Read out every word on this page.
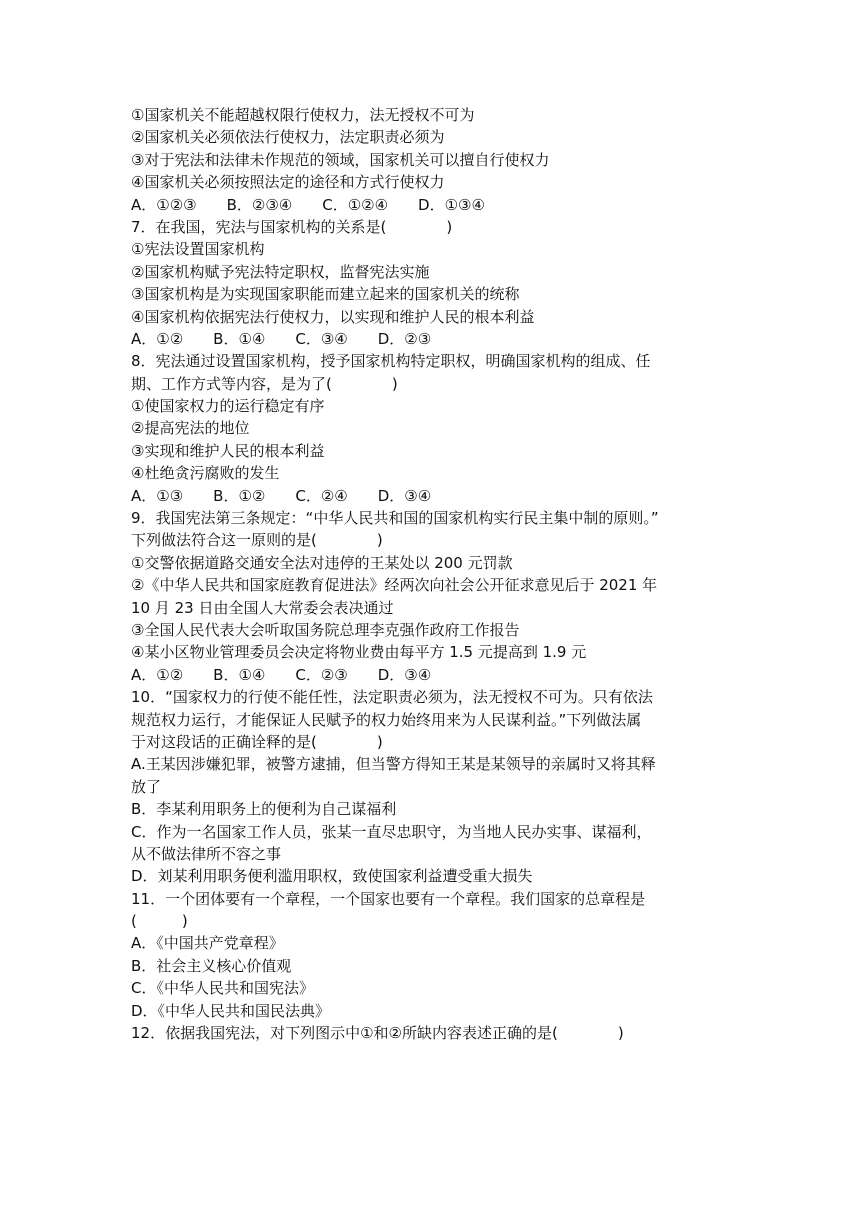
①国家机关不能超越权限行使权力，法无授权不可为
②国家机关必须依法行使权力，法定职责必须为
③对于宪法和法律未作规范的领域，国家机关可以擅自行使权力
④国家机关必须按照法定的途径和方式行使权力
A．①②③　　B．②③④　　C．①②④　　D．①③④
7．在我国，宪法与国家机构的关系是(　　　　)
①宪法设置国家机构
②国家机构赋予宪法特定职权，监督宪法实施
③国家机构是为实现国家职能而建立起来的国家机关的统称
④国家机构依据宪法行使权力，以实现和维护人民的根本利益
A．①②　　B．①④　　C．③④　　D．②③
8．宪法通过设置国家机构，授予国家机构特定职权，明确国家机构的组成、任
期、工作方式等内容，是为了(　　　　)
①使国家权力的运行稳定有序
②提高宪法的地位
③实现和维护人民的根本利益
④杜绝贪污腐败的发生
A．①③　　B．①②　　C．②④　　D．③④
9．我国宪法第三条规定：“中华人民共和国的国家机构实行民主集中制的原则。”
下列做法符合这一原则的是(　　　　)
①交警依据道路交通安全法对违停的王某处以 200 元罚款
②《中华人民共和国家庭教育促进法》经两次向社会公开征求意见后于 2021 年
10 月 23 日由全国人大常委会表决通过
③全国人民代表大会听取国务院总理李克强作政府工作报告
④某小区物业管理委员会决定将物业费由每平方 1.5 元提高到 1.9 元
A．①②　　B．①④　　C．②③　　D．③④
10．“国家权力的行使不能任性，法定职责必须为，法无授权不可为。只有依法
规范权力运行，才能保证人民赋予的权力始终用来为人民谋利益。”下列做法属
于对这段话的正确诠释的是(　　　　)
A.王某因涉嫌犯罪，被警方逮捕，但当警方得知王某是某领导的亲属时又将其释
放了
B．李某利用职务上的便利为自己谋福利
C．作为一名国家工作人员，张某一直尽忠职守，为当地人民办实事、谋福利，
从不做法律所不容之事
D．刘某利用职务便利滥用职权，致使国家利益遭受重大损失
11．一个团体要有一个章程，一个国家也要有一个章程。我们国家的总章程是
(　　　)
A．《中国共产党章程》
B．社会主义核心价值观
C．《中华人民共和国宪法》
D．《中华人民共和国民法典》
12．依据我国宪法，对下列图示中①和②所缺内容表述正确的是(　　　　)
